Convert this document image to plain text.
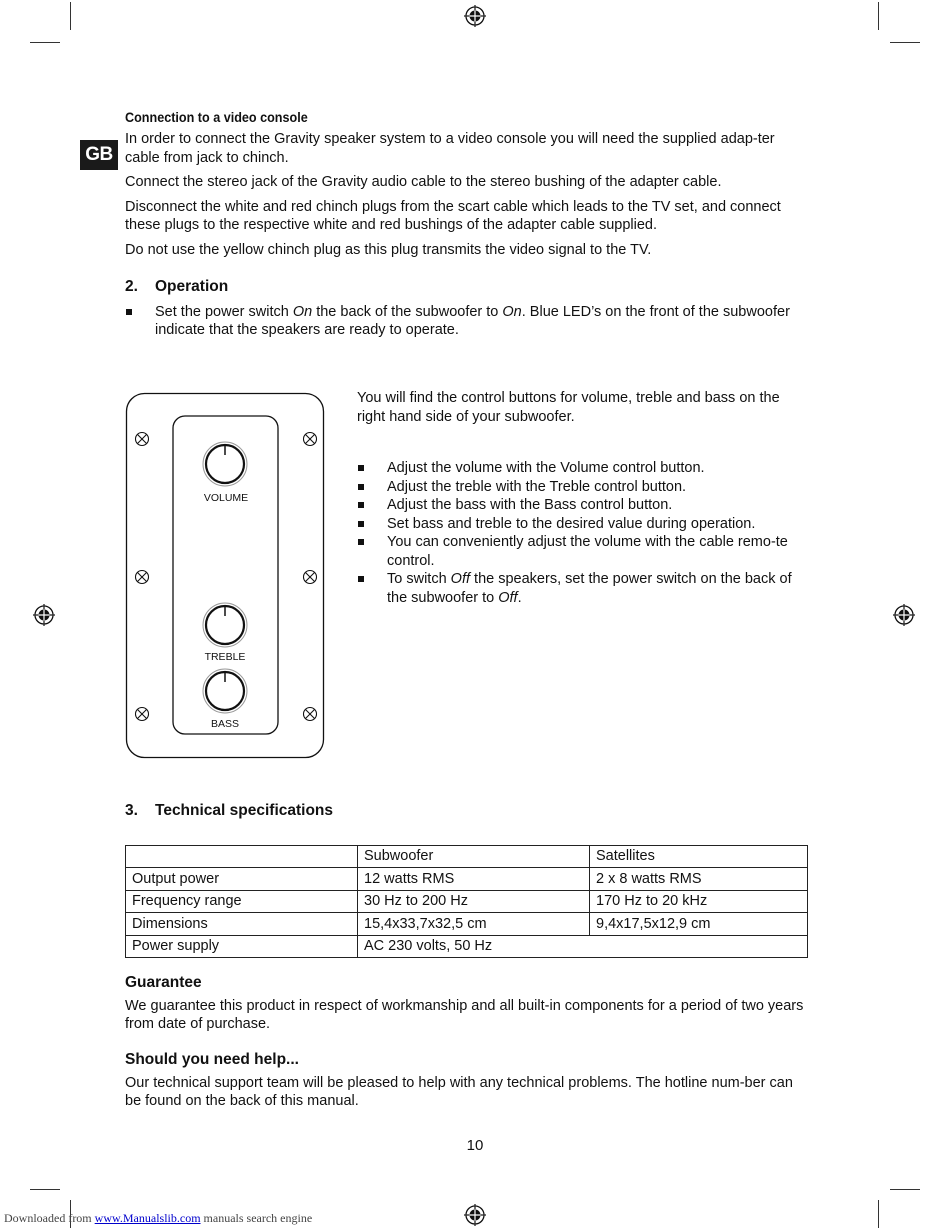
GB
Connection to a video console

In order to connect the Gravity speaker system to a video console you will need the supplied adap-ter cable from jack to chinch.

Connect the stereo jack of the Gravity audio cable to the stereo bushing of the adapter cable.

Disconnect the white and red chinch plugs from the scart cable which leads to the TV set, and connect these plugs to the respective white and red bushings of the adapter cable supplied.

Do not use the yellow chinch plug as this plug transmits the video signal to the TV.

2. Operation
Set the power switch On the back of the subwoofer to On. Blue LED’s on the front of the subwoofer indicate that the speakers are ready to operate.
VOLUME
TREBLE
BASS

You will find the control buttons for volume, treble and bass on the right hand side of your subwoofer.

Adjust the volume with the Volume control button.
Adjust the treble with the Treble control button.
Adjust the bass with the Bass control button.
Set bass and treble to the desired value during operation.
You can conveniently adjust the volume with the cable remo-te control.
To switch Off the speakers, set the power switch on the back of the subwoofer to Off.
3. Technical specifications
	Subwoofer	Satellites
Output power	12 watts RMS	2 x 8 watts RMS
Frequency range	30 Hz to 200 Hz	170 Hz to 20 kHz
Dimensions	15,4x33,7x32,5 cm	9,4x17,5x12,9 cm
Power supply	AC 230 volts, 50 Hz	
Guarantee

We guarantee this product in respect of workmanship and all built-in components for a period of two years from date of purchase.

Should you need help...

Our technical support team will be pleased to help with any technical problems. The hotline num-ber can be found on the back of this manual.

10
Downloaded from www.Manualslib.com manuals search engine
